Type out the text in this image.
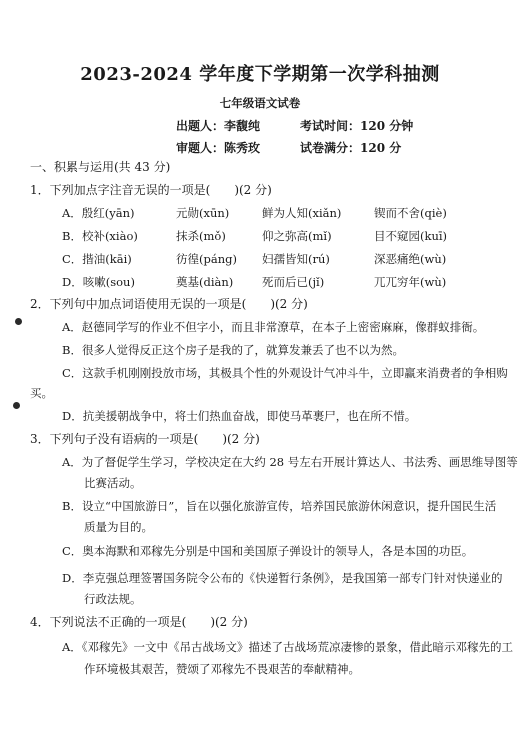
2023-2024 学年度下学期第一次学科抽测
七年级语文试卷
出题人：李馥纯	考试时间：120 分钟
审题人：陈秀玫	试卷满分：120 分
一、积累与运用(共 43 分)
1．下列加点字注音无误的一项是(　　)(2 分)
A．殷红(yān)	元勋(xūn)	鲜为人知(xiǎn)	锲而不舍(qiè)
B．校补(xiào)	抹杀(mǒ)	仰之弥高(mǐ)	目不窥园(kuī)
C．揩油(kāi)	彷徨(páng) 妇孺皆知(rú)	深恶痛绝(wù)
D．咳嗽(sou)	奠基(diàn) 死而后已(jǐ)	兀兀穷年(wù)
2．下列句中加点词语使用无误的一项是(　　)(2 分)
A．赵德同学写的作业不但字小，而且非常潦草，在本子上密密麻麻，像群蚁排衙。
B．很多人觉得反正这个房子是我的了，就算发兼丢了也不以为然。
C．这款手机刚刚投放市场，其极具个性的外观设计气冲斗牛，立即赢来消费者的争相购
买。
D．抗美援朝战争中，将士们热血奋战，即使马革裹尸，也在所不惜。
3．下列句子没有语病的一项是(　　)(2 分)
A．为了督促学生学习，学校决定在大约 28 号左右开展计算达人、书法秀、画思维导图等
比赛活动。
B．设立“中国旅游日”，旨在以强化旅游宣传，培养国民旅游休闲意识，提升国民生活
质量为目的。
C．奥本海默和邓稼先分别是中国和美国原子弹设计的领导人，各是本国的功臣。
D．李克强总理签署国务院令公布的《快递暂行条例》，是我国第一部专门针对快递业的
行政法规。
4．下列说法不正确的一项是(　　)(2 分)
A．《邓稼先》一文中《吊古战场文》描述了古战场荒凉凄惨的景象，借此暗示邓稼先的工
作环境极其艰苦，赞颂了邓稼先不畏艰苦的奉献精神。
